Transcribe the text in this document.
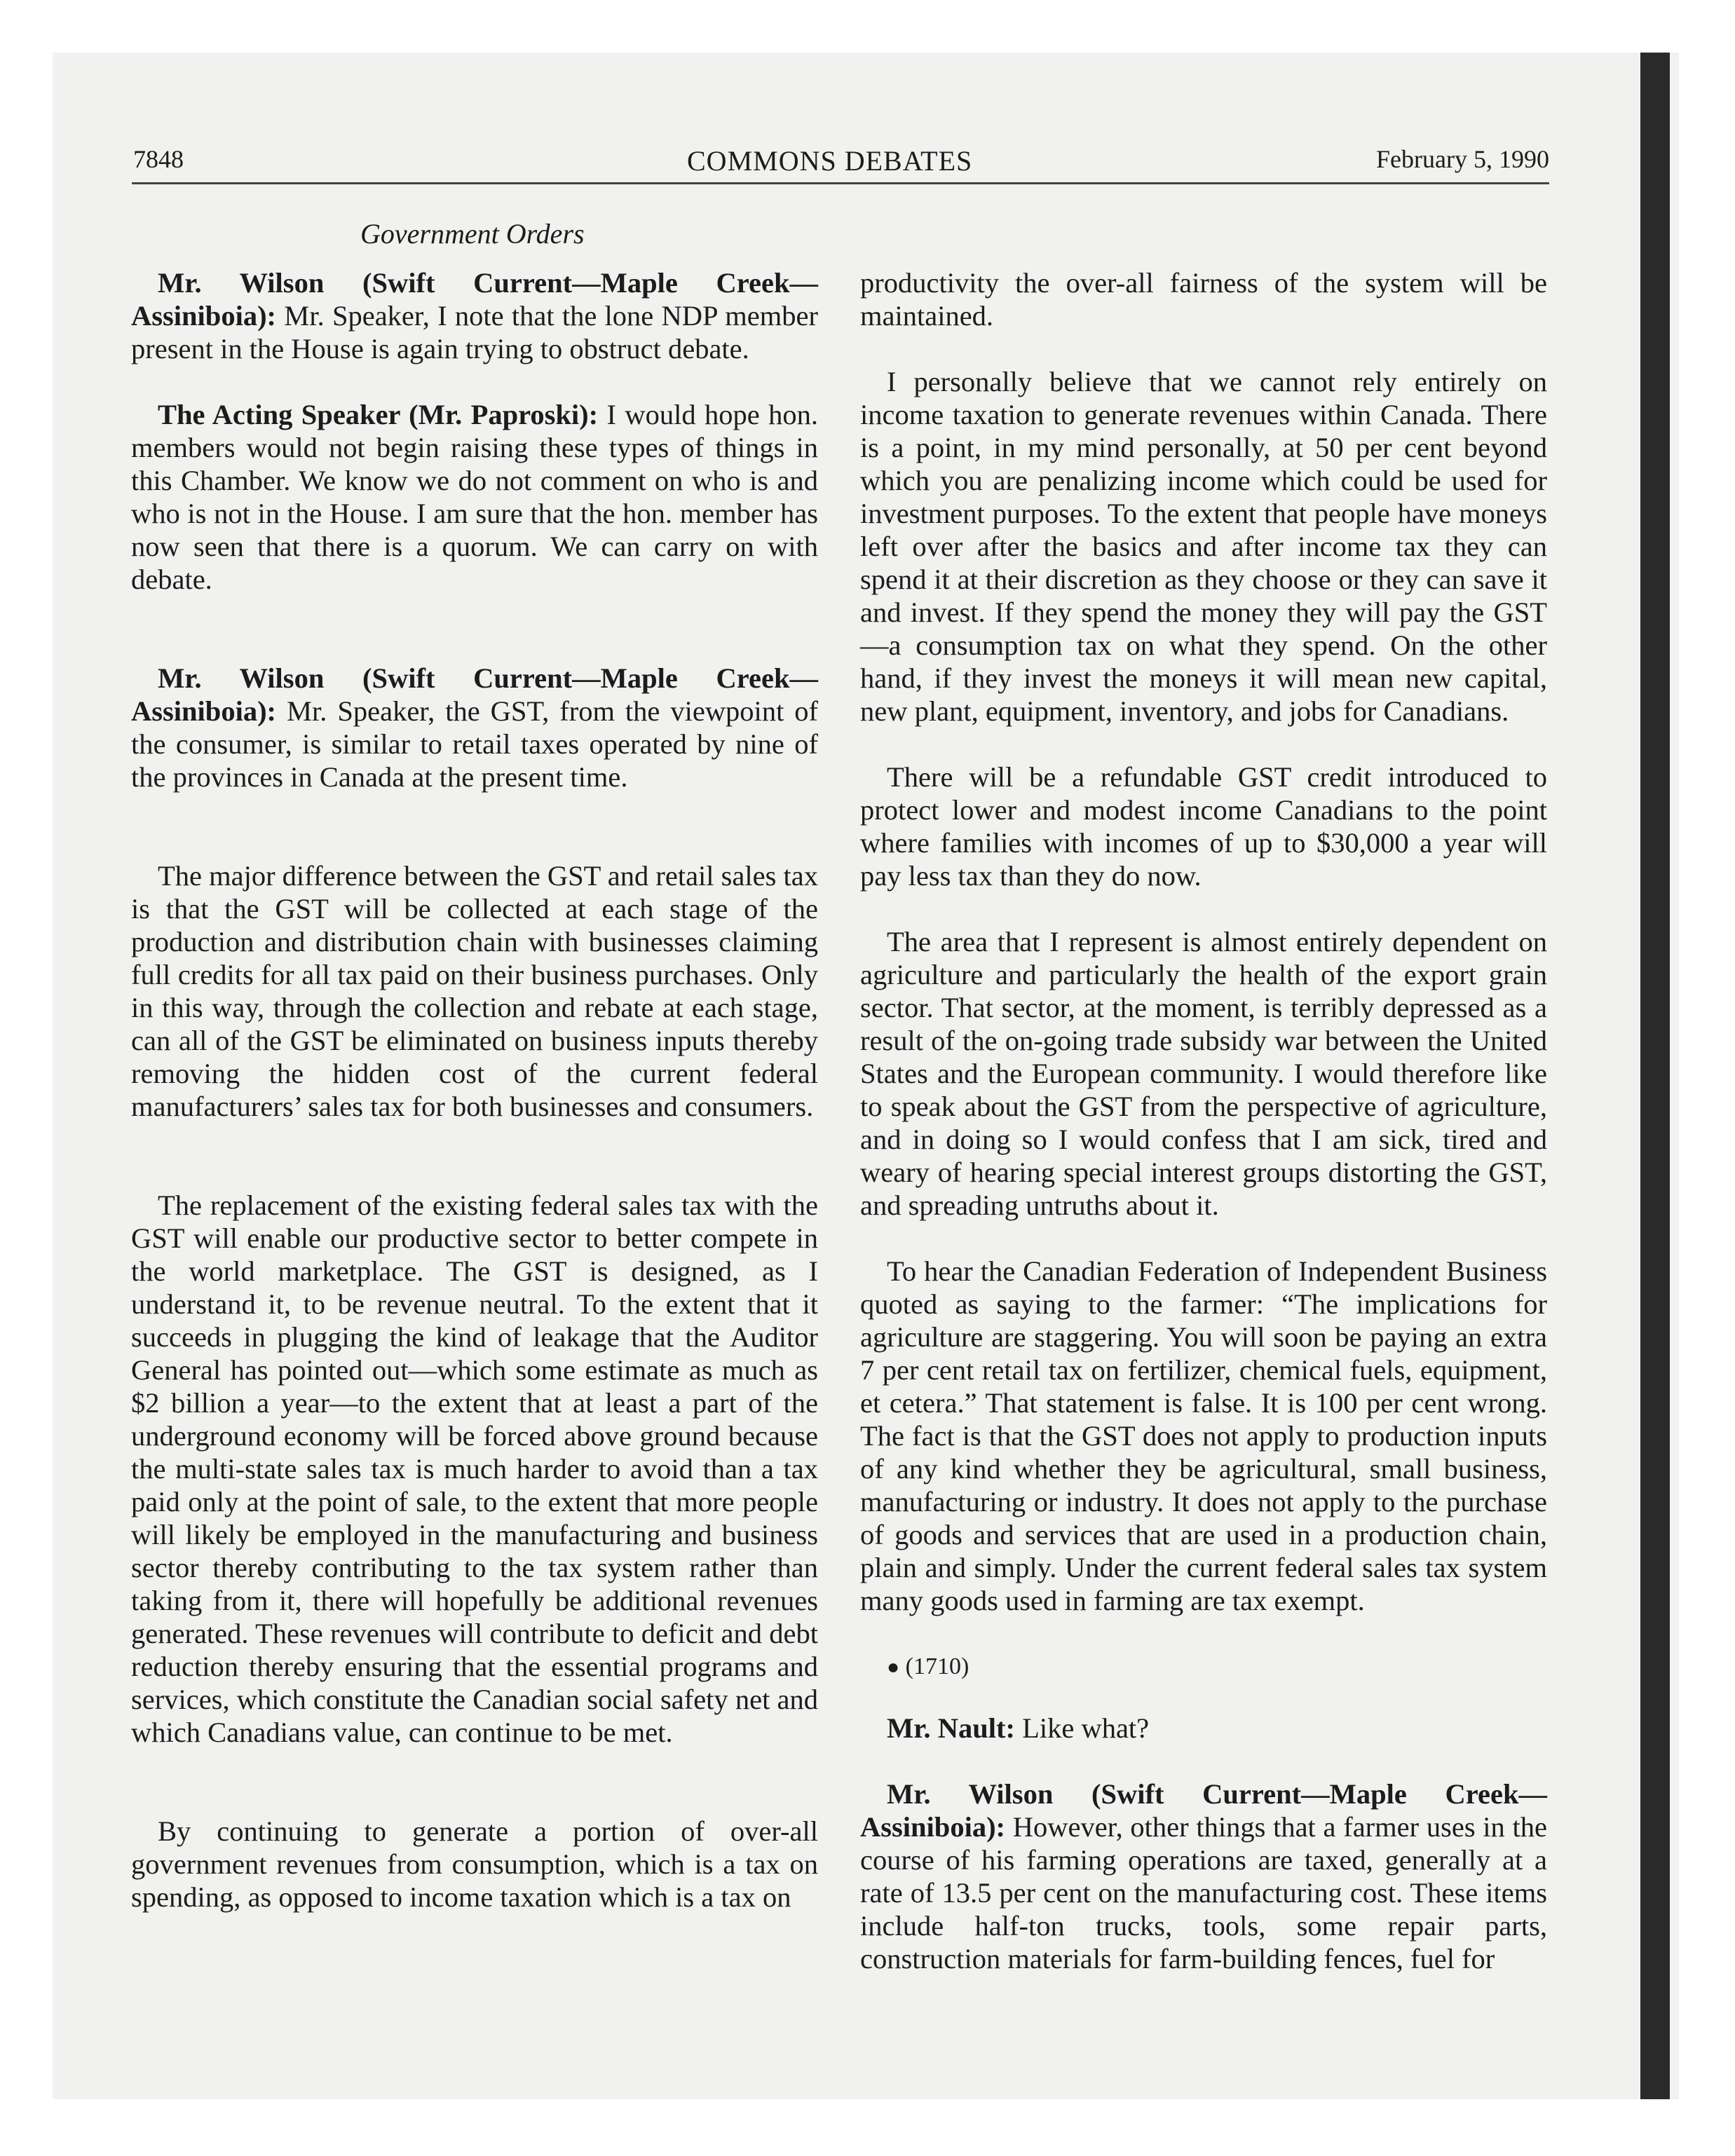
7848	COMMONS DEBATES	February 5, 1990
Government Orders

Mr. Wilson (Swift Current—Maple Creek—Assiniboia): Mr. Speaker, I note that the lone NDP member present in the House is again trying to obstruct debate.

The Acting Speaker (Mr. Paproski): I would hope hon. members would not begin raising these types of things in this Chamber. We know we do not comment on who is and who is not in the House. I am sure that the hon. member has now seen that there is a quorum. We can carry on with debate.

Mr. Wilson (Swift Current—Maple Creek—Assiniboia): Mr. Speaker, the GST, from the viewpoint of the consumer, is similar to retail taxes operated by nine of the provinces in Canada at the present time.

The major difference between the GST and retail sales tax is that the GST will be collected at each stage of the production and distribution chain with businesses claiming full credits for all tax paid on their business purchases. Only in this way, through the collection and rebate at each stage, can all of the GST be eliminated on business inputs thereby removing the hidden cost of the current federal manufacturers’ sales tax for both businesses and consumers.

The replacement of the existing federal sales tax with the GST will enable our productive sector to better compete in the world marketplace. The GST is designed, as I understand it, to be revenue neutral. To the extent that it succeeds in plugging the kind of leakage that the Auditor General has pointed out—which some estimate as much as $2 billion a year—to the extent that at least a part of the underground economy will be forced above ground because the multi-state sales tax is much harder to avoid than a tax paid only at the point of sale, to the extent that more people will likely be employed in the manufacturing and business sector thereby contributing to the tax system rather than taking from it, there will hopefully be additional revenues generated. These revenues will contribute to deficit and debt reduction thereby ensuring that the essential programs and services, which constitute the Canadian social safety net and which Canadians value, can continue to be met.

By continuing to generate a portion of over-all government revenues from consumption, which is a tax on spending, as opposed to income taxation which is a tax on

productivity the over-all fairness of the system will be maintained.

I personally believe that we cannot rely entirely on income taxation to generate revenues within Canada. There is a point, in my mind personally, at 50 per cent beyond which you are penalizing income which could be used for investment purposes. To the extent that people have moneys left over after the basics and after income tax they can spend it at their discretion as they choose or they can save it and invest. If they spend the money they will pay the GST—a consumption tax on what they spend. On the other hand, if they invest the moneys it will mean new capital, new plant, equipment, inventory, and jobs for Canadians.

There will be a refundable GST credit introduced to protect lower and modest income Canadians to the point where families with incomes of up to $30,000 a year will pay less tax than they do now.

The area that I represent is almost entirely dependent on agriculture and particularly the health of the export grain sector. That sector, at the moment, is terribly depressed as a result of the on-going trade subsidy war between the United States and the European community. I would therefore like to speak about the GST from the perspective of agriculture, and in doing so I would confess that I am sick, tired and weary of hearing special interest groups distorting the GST, and spreading untruths about it.

To hear the Canadian Federation of Independent Business quoted as saying to the farmer: “The implications for agriculture are staggering. You will soon be paying an extra 7 per cent retail tax on fertilizer, chemical fuels, equipment, et cetera.” That statement is false. It is 100 per cent wrong. The fact is that the GST does not apply to production inputs of any kind whether they be agricultural, small business, manufacturing or industry. It does not apply to the purchase of goods and services that are used in a production chain, plain and simply. Under the current federal sales tax system many goods used in farming are tax exempt.

● (1710)

Mr. Nault: Like what?

Mr. Wilson (Swift Current—Maple Creek—Assiniboia): However, other things that a farmer uses in the course of his farming operations are taxed, generally at a rate of 13.5 per cent on the manufacturing cost. These items include half-ton trucks, tools, some repair parts, construction materials for farm-building fences, fuel for
